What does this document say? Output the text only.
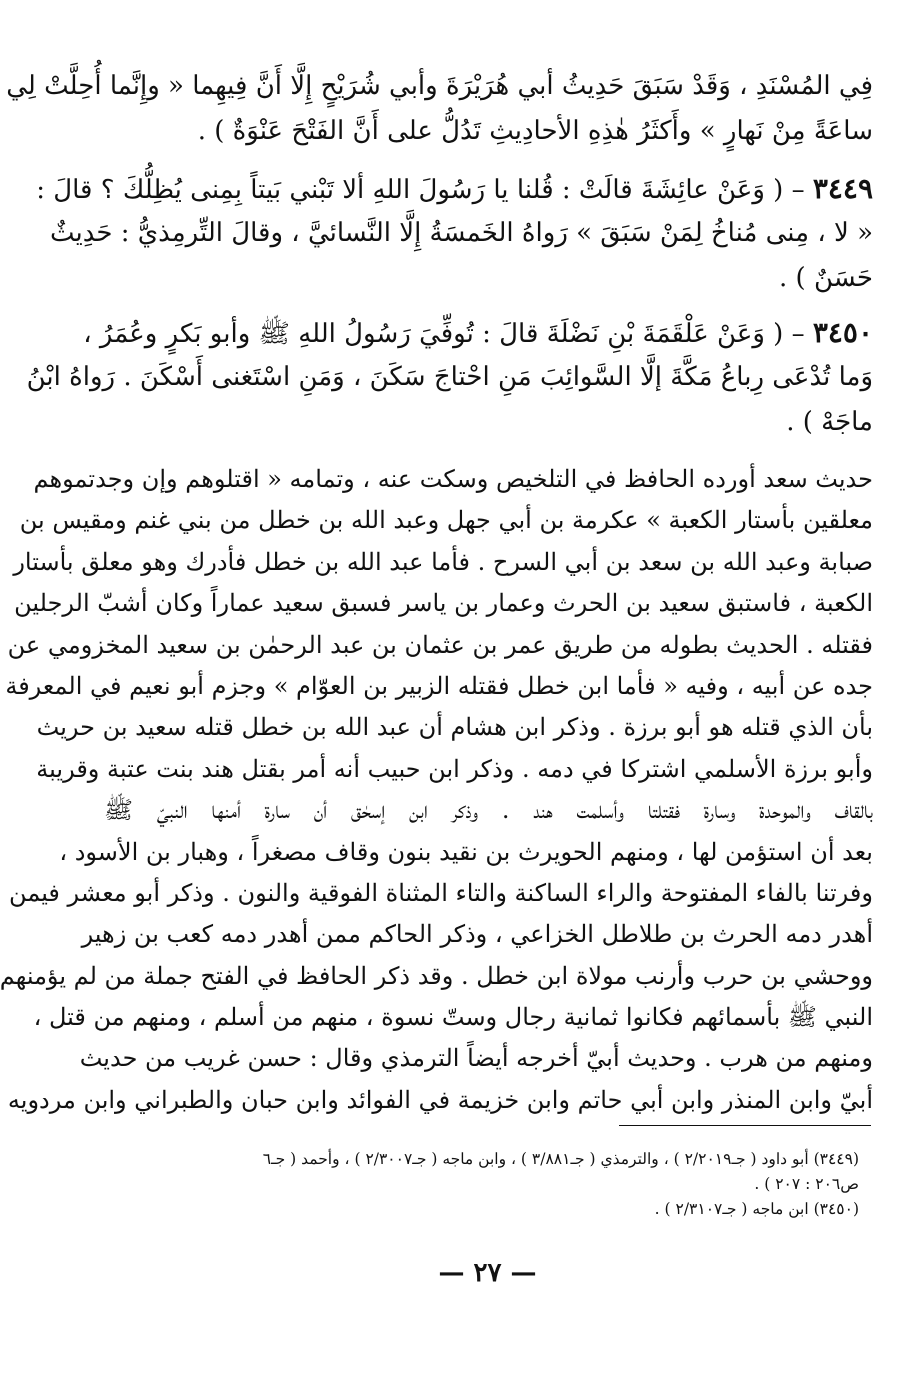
فِي المُسْنَدِ ، وَقَدْ سَبَقَ حَدِيثُ أبي هُرَيْرَةَ وأبي شُرَيْحٍ إِلَّا أَنَّ فِيهِما « وإِنَّما أُحِلَّتْ لِي
ساعَةً مِنْ نَهارٍ » وأَكثَرُ هٰذِهِ الأحادِيثِ تَدُلُّ على أَنَّ الفَتْحَ عَنْوَةٌ ) .
٣٤٤٩ – ( وَعَنْ عائِشَةَ قالَتْ : قُلنا يا رَسُولَ اللهِ ألا تَبْني بَيتاً بِمِنى يُظِلُّكَ ؟ قالَ :
« لا ، مِنى مُناخُ لِمَنْ سَبَقَ » رَواهُ الخَمسَةُ إِلَّا النَّسائيَّ ، وقالَ التِّرمِذيُّ : حَدِيثٌ
حَسَنٌ ) .
٣٤٥٠ – ( وَعَنْ عَلْقَمَةَ بْنِ نَضْلَةَ قالَ : تُوفِّيَ رَسُولُ اللهِ ﷺ وأبو بَكرٍ وعُمَرُ ،
وَما تُدْعَى رِباعُ مَكَّةَ إلَّا السَّوائِبَ مَنِ احْتاجَ سَكَنَ ، وَمَنِ اسْتَغنى أَسْكَنَ . رَواهُ ابْنُ
ماجَهْ ) .
حديث سعد أورده الحافظ في التلخيص وسكت عنه ، وتمامه « اقتلوهم وإن وجدتموهم
معلقين بأستار الكعبة » عكرمة بن أبي جهل وعبد الله بن خطل من بني غنم ومقيس بن
صبابة وعبد الله بن سعد بن أبي السرح . فأما عبد الله بن خطل فأدرك وهو معلق بأستار
الكعبة ، فاستبق سعيد بن الحرث وعمار بن ياسر فسبق سعيد عماراً وكان أشبّ الرجلين
فقتله . الحديث بطوله من طريق عمر بن عثمان بن عبد الرحمٰن بن سعيد المخزومي عن
جده عن أبيه ، وفيه « فأما ابن خطل فقتله الزبير بن العوّام » وجزم أبو نعيم في المعرفة
بأن الذي قتله هو أبو برزة . وذكر ابن هشام أن عبد الله بن خطل قتله سعيد بن حريث
وأبو برزة الأسلمي اشتركا في دمه . وذكر ابن حبيب أنه أمر بقتل هند بنت عتبة وقريبة
بالقاف والموحدة وسارة فقتلتا وأسلمت هند . وذكر ابن إسحٰق أن سارة أمنها النبيّ ﷺ
بعد أن استؤمن لها ، ومنهم الحويرث بن نقيد بنون وقاف مصغراً ، وهبار بن الأسود ،
وفرتنا بالفاء المفتوحة والراء الساكنة والتاء المثناة الفوقية والنون . وذكر أبو معشر فيمن
أهدر دمه الحرث بن طلاطل الخزاعي ، وذكر الحاكم ممن أهدر دمه كعب بن زهير
ووحشي بن حرب وأرنب مولاة ابن خطل . وقد ذكر الحافظ في الفتح جملة من لم يؤمنهم
النبي ﷺ بأسمائهم فكانوا ثمانية رجال وستّ نسوة ، منهم من أسلم ، ومنهم من قتل ،
ومنهم من هرب . وحديث أبيّ أخرجه أيضاً الترمذي وقال : حسن غريب من حديث
أبيّ وابن المنذر وابن أبي حاتم وابن خزيمة في الفوائد وابن حبان والطبراني وابن مردويه
(٣٤٤٩) أبو داود ( جـ٢/٢٠١٩ ) ، والترمذي ( جـ٣/٨٨١ ) ، وابن ماجه ( جـ٢/٣٠٠٧ ) ، وأحمد ( جـ٦
ص٢٠٦ : ٢٠٧ ) .
(٣٤٥٠) ابن ماجه ( جـ٢/٣١٠٧ ) .
— ٢٧ —
